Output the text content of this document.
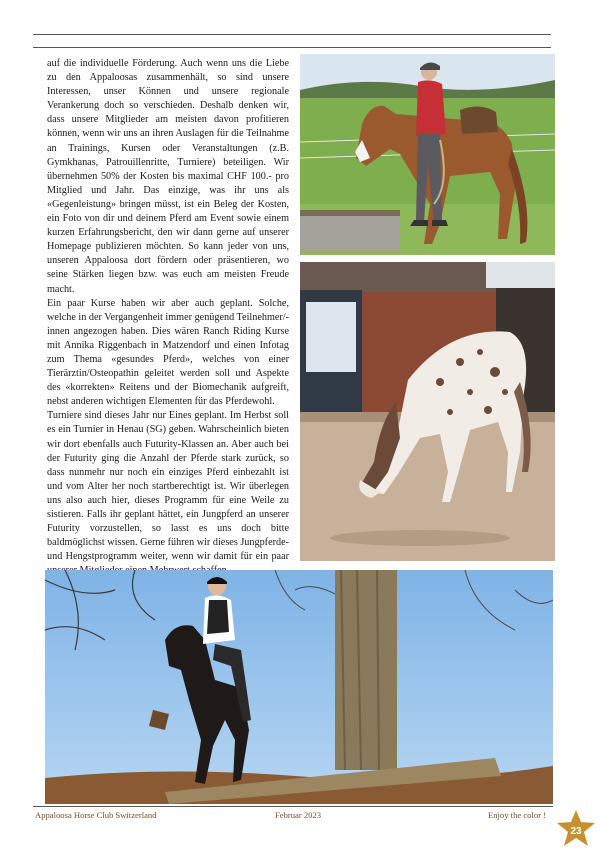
auf die individuelle Förderung. Auch wenn uns die Liebe zu den Appaloosas zusammenhält, so sind unsere Interessen, unser Können und unsere regionale Verankerung doch so verschieden. Deshalb denken wir, dass unsere Mitglieder am meisten davon profitieren können, wenn wir uns an ihren Auslagen für die Teilnahme an Trainings, Kursen oder Veranstaltungen (z.B. Gymkhanas, Patrouillenritte, Turniere) beteiligen. Wir übernehmen 50% der Kosten bis maximal CHF 100.- pro Mitglied und Jahr. Das einzige, was ihr uns als «Gegenleistung» bringen müsst, ist ein Beleg der Kosten, ein Foto von dir und deinem Pferd am Event sowie einem kurzen Erfahrungsbericht, den wir dann gerne auf unserer Homepage publizieren möchten. So kann jeder von uns, unseren Appaloosa dort fördern oder präsentieren, wo seine Stärken liegen bzw. was euch am meisten Freude macht.

Ein paar Kurse haben wir aber auch geplant. Solche, welche in der Vergangenheit immer genügend Teilnehmer/-innen angezogen haben. Dies wären Ranch Riding Kurse mit Annika Riggenbach in Matzendorf und einen Infotag zum Thema «gesundes Pferd», welches von einer Tierärztin/Osteopathin geleitet werden soll und Aspekte des «korrekten» Reitens und der Biomechanik aufgreift, nebst anderen wichtigen Elementen für das Pferdewohl.

Turniere sind dieses Jahr nur Eines geplant. Im Herbst soll es ein Turnier in Henau (SG) geben. Wahrscheinlich bieten wir dort ebenfalls auch Futurity-Klassen an. Aber auch bei der Futurity ging die Anzahl der Pferde stark zurück, so dass nunmehr nur noch ein einziges Pferd einbezahlt ist und vom Alter her noch startberechtigt ist. Wir überlegen uns also auch hier, dieses Programm für eine Weile zu sistieren. Falls ihr geplant hättet, ein Jungpferd an unserer Futurity vorzustellen, so lasst es uns doch bitte baldmöglichst wissen. Gerne führen wir dieses Jungpferde- und Hengstprogramm weiter, wenn wir damit für ein paar

Appaloosa Horse Club Switzerland	Februar 2023	Enjoy the color !
23
